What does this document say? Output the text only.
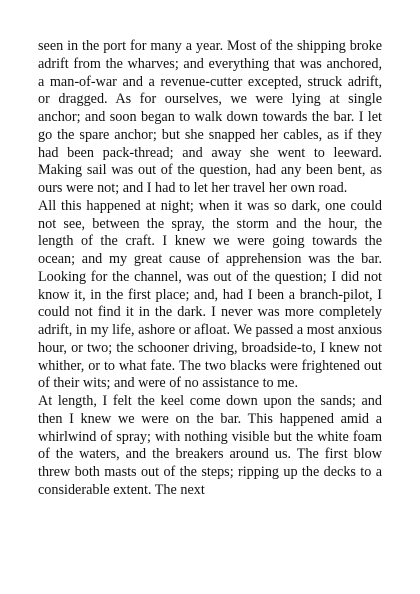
seen in the port for many a year. Most of the shipping broke adrift from the wharves; and everything that was anchored, a man-of-war and a revenue-cutter excepted, struck adrift, or dragged. As for ourselves, we were lying at single anchor; and soon began to walk down towards the bar. I let go the spare anchor; but she snapped her cables, as if they had been pack-thread; and away she went to leeward. Making sail was out of the question, had any been bent, as ours were not; and I had to let her travel her own road.

All this happened at night; when it was so dark, one could not see, between the spray, the storm and the hour, the length of the craft. I knew we were going towards the ocean; and my great cause of apprehension was the bar. Looking for the channel, was out of the question; I did not know it, in the first place; and, had I been a branch-pilot, I could not find it in the dark. I never was more completely adrift, in my life, ashore or afloat. We passed a most anxious hour, or two; the schooner driving, broadside-to, I knew not whither, or to what fate. The two blacks were frightened out of their wits; and were of no assistance to me.

At length, I felt the keel come down upon the sands; and then I knew we were on the bar. This happened amid a whirlwind of spray; with nothing visible but the white foam of the waters, and the breakers around us. The first blow threw both masts out of the steps; ripping up the decks to a considerable extent. The next
